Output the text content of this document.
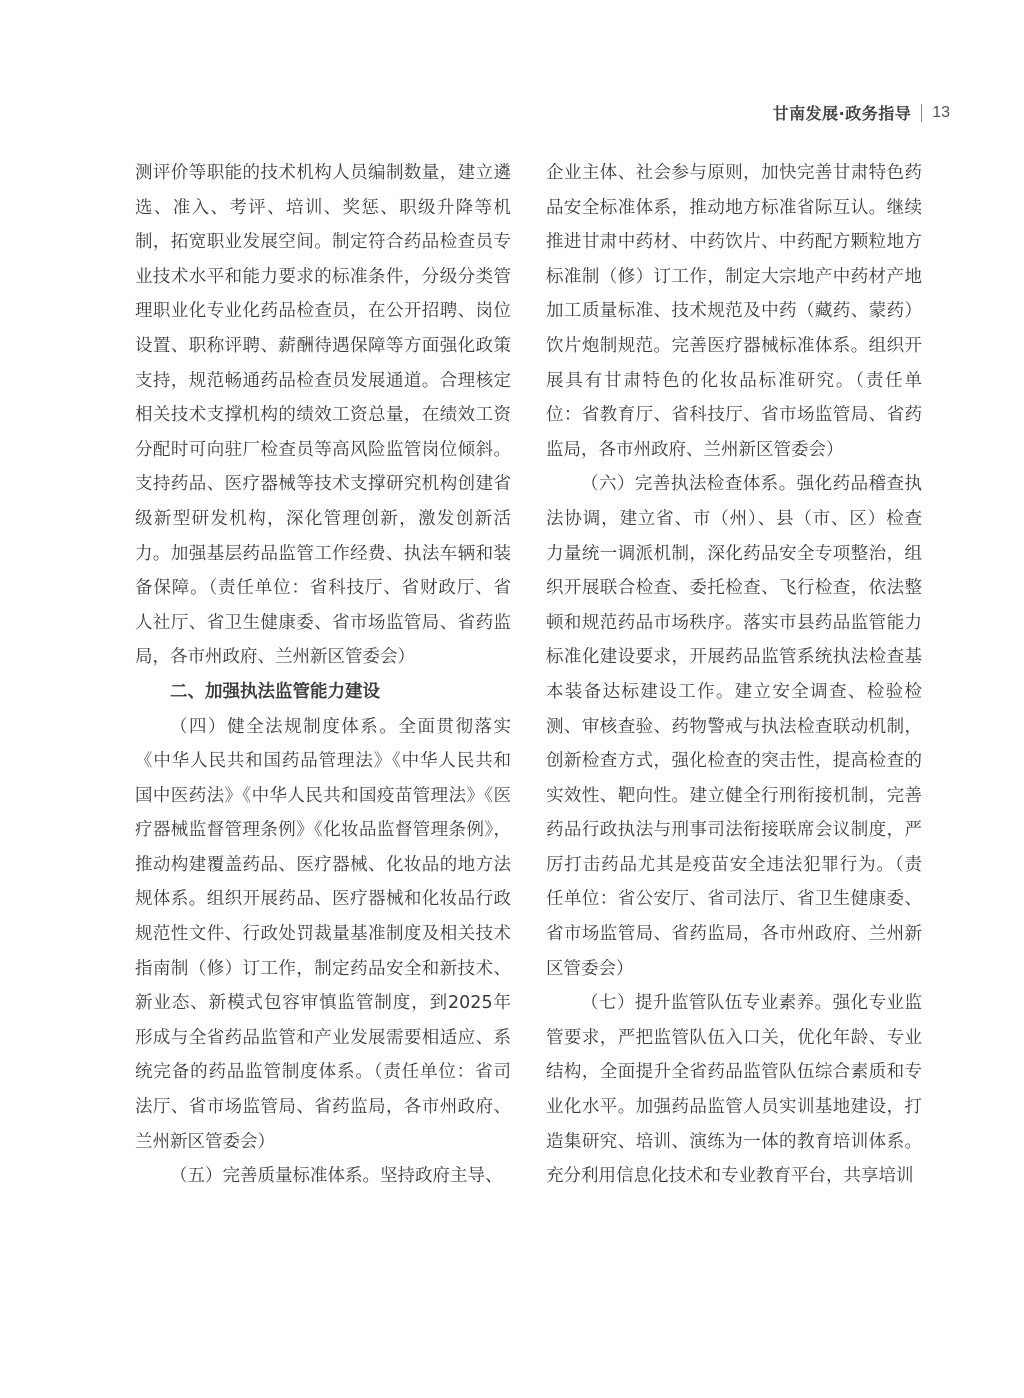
甘南发展·政务指导 13

测评价等职能的技术机构人员编制数量，建立遴选、准入、考评、培训、奖惩、职级升降等机制，拓宽职业发展空间。制定符合药品检查员专业技术水平和能力要求的标准条件，分级分类管理职业化专业化药品检查员，在公开招聘、岗位设置、职称评聘、薪酬待遇保障等方面强化政策支持，规范畅通药品检查员发展通道。合理核定相关技术支撑机构的绩效工资总量，在绩效工资分配时可向驻厂检查员等高风险监管岗位倾斜。支持药品、医疗器械等技术支撑研究机构创建省级新型研发机构，深化管理创新，激发创新活力。加强基层药品监管工作经费、执法车辆和装备保障。（责任单位：省科技厅、省财政厅、省人社厅、省卫生健康委、省市场监管局、省药监局，各市州政府、兰州新区管委会）

二、加强执法监管能力建设

（四）健全法规制度体系。全面贯彻落实《中华人民共和国药品管理法》《中华人民共和国中医药法》《中华人民共和国疫苗管理法》《医疗器械监督管理条例》《化妆品监督管理条例》，推动构建覆盖药品、医疗器械、化妆品的地方法规体系。组织开展药品、医疗器械和化妆品行政规范性文件、行政处罚裁量基准制度及相关技术指南制（修）订工作，制定药品安全和新技术、新业态、新模式包容审慎监管制度，到2025年形成与全省药品监管和产业发展需要相适应、系统完备的药品监管制度体系。（责任单位：省司法厅、省市场监管局、省药监局，各市州政府、兰州新区管委会）

（五）完善质量标准体系。坚持政府主导、

企业主体、社会参与原则，加快完善甘肃特色药品安全标准体系，推动地方标准省际互认。继续推进甘肃中药材、中药饮片、中药配方颗粒地方标准制（修）订工作，制定大宗地产中药材产地加工质量标准、技术规范及中药（藏药、蒙药）饮片炮制规范。完善医疗器械标准体系。组织开展具有甘肃特色的化妆品标准研究。（责任单位：省教育厅、省科技厅、省市场监管局、省药监局，各市州政府、兰州新区管委会）

（六）完善执法检查体系。强化药品稽查执法协调，建立省、市（州）、县（市、区）检查力量统一调派机制，深化药品安全专项整治，组织开展联合检查、委托检查、飞行检查，依法整顿和规范药品市场秩序。落实市县药品监管能力标准化建设要求，开展药品监管系统执法检查基本装备达标建设工作。建立安全调查、检验检测、审核查验、药物警戒与执法检查联动机制，创新检查方式，强化检查的突击性，提高检查的实效性、靶向性。建立健全行刑衔接机制，完善药品行政执法与刑事司法衔接联席会议制度，严厉打击药品尤其是疫苗安全违法犯罪行为。（责任单位：省公安厅、省司法厅、省卫生健康委、省市场监管局、省药监局，各市州政府、兰州新区管委会）

（七）提升监管队伍专业素养。强化专业监管要求，严把监管队伍入口关，优化年龄、专业结构，全面提升全省药品监管队伍综合素质和专业化水平。加强药品监管人员实训基地建设，打造集研究、培训、演练为一体的教育培训体系。充分利用信息化技术和专业教育平台，共享培训
